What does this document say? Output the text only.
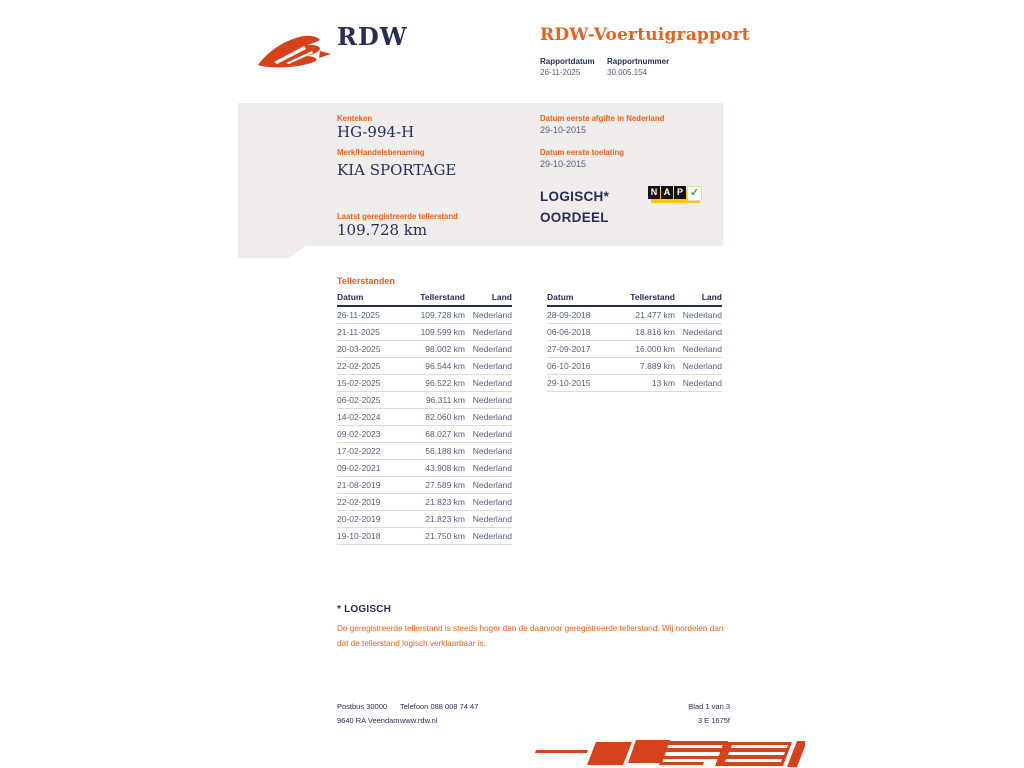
RDW	RDW-Voertuigrapport
Rapportdatum Rapportnummer
26-11-2025	30.005.154
Kenteken
HG-994-H
Merk/Handelsbenaming
KIA SPORTAGE
Laatst geregistreerde tellerstand
109.728 km
Datum eerste afgifte in Nederland
29-10-2015
Datum eerste toelating
29-10-2015
LOGISCH*
OORDEEL
N A P ✓
Tellerstanden
Datum	Tellerstand	Land
26-11-2025	109.728 km	Nederland
21-11-2025	109.599 km	Nederland
20-03-2025	98.002 km	Nederland
22-02-2025	96.544 km	Nederland
15-02-2025	96.522 km	Nederland
06-02-2025	96.311 km	Nederland
14-02-2024	82.060 km	Nederland
09-02-2023	68.027 km	Nederland
17-02-2022	56.188 km	Nederland
09-02-2021	43.908 km	Nederland
21-08-2019	27.589 km	Nederland
22-02-2019	21.823 km	Nederland
20-02-2019	21.823 km	Nederland
19-10-2018	21.750 km	Nederland
Datum	Tellerstand	Land
28-09-2018	21.477 km	Nederland
06-06-2018	18.816 km	Nederland
27-09-2017	16.000 km	Nederland
06-10-2016	7.889 km	Nederland
29-10-2015	13 km	Nederland
* LOGISCH
De geregistreerde tellerstand is steeds hoger dan de daarvoor geregistreerde tellerstand. Wij oordelen dan dat de tellerstand logisch verklaarbaar is.
Postbus 30000
9640 RA Veendam
Telefoon 088 008 74 47
www.rdw.nl
Blad 1 van 3
3 E 1675f
